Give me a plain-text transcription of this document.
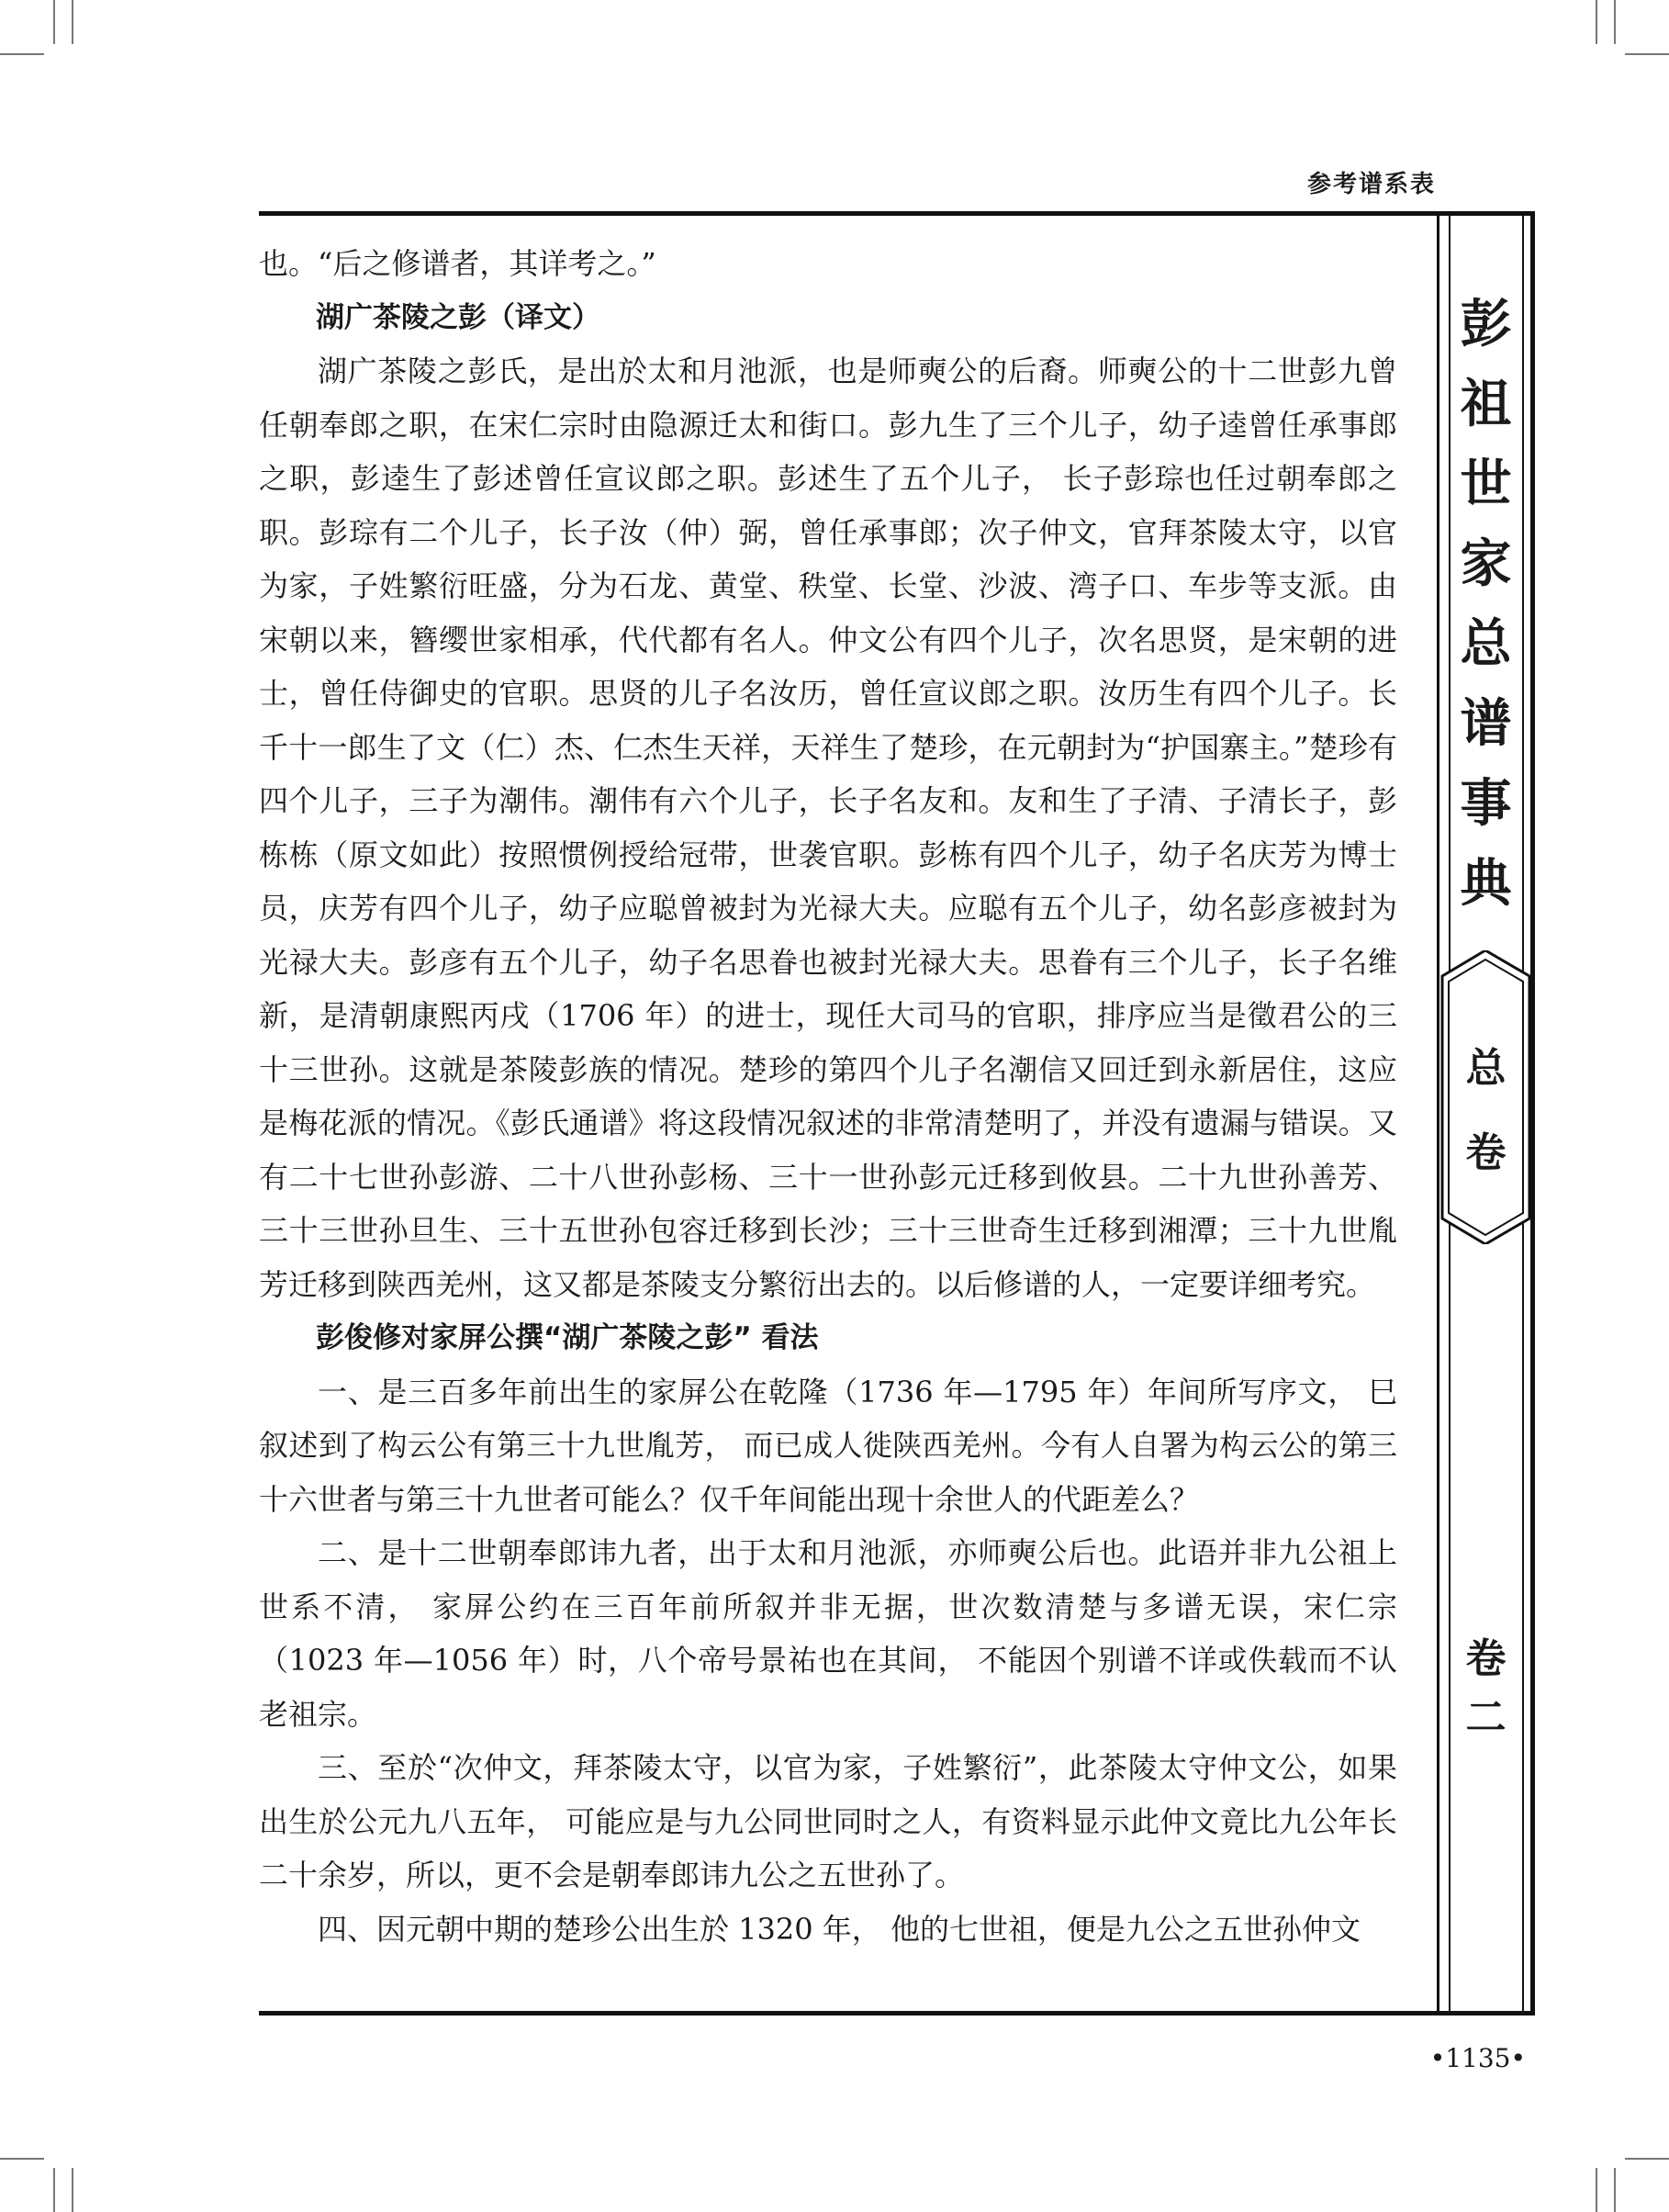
参考谱系表
彭
祖
世
家
总
谱
事
典
总
卷
卷
二

也。“后之修谱者，其详考之。”

湖广茶陵之彭（译文）

湖广茶陵之彭氏，是出於太和月池派，也是师奭公的后裔。师奭公的十二世彭九曾任朝奉郎之职，在宋仁宗时由隐源迁太和街口。彭九生了三个儿子，幼子逵曾任承事郎之职，彭逵生了彭述曾任宣议郎之职。彭述生了五个儿子， 长子彭琮也任过朝奉郎之职。彭琮有二个儿子，长子汝（仲）弼，曾任承事郎；次子仲文，官拜茶陵太守，以官为家，子姓繁衍旺盛，分为石龙、黄堂、秩堂、长堂、沙波、湾子口、车步等支派。由宋朝以来，簪缨世家相承，代代都有名人。仲文公有四个儿子，次名思贤，是宋朝的进士，曾任侍御史的官职。思贤的儿子名汝历，曾任宣议郎之职。汝历生有四个儿子。长千十一郎生了文（仁）杰、仁杰生天祥，天祥生了楚珍，在元朝封为“护国寨主。”楚珍有四个儿子，三子为潮伟。潮伟有六个儿子，长子名友和。友和生了子清、子清长子，彭栋栋（原文如此）按照惯例授给冠带，世袭官职。彭栋有四个儿子，幼子名庆芳为博士员，庆芳有四个儿子，幼子应聪曾被封为光禄大夫。应聪有五个儿子，幼名彭彦被封为光禄大夫。彭彦有五个儿子，幼子名思眷也被封光禄大夫。思眷有三个儿子，长子名维新，是清朝康熙丙戌（1706 年）的进士，现任大司马的官职，排序应当是徵君公的三十三世孙。这就是茶陵彭族的情况。楚珍的第四个儿子名潮信又回迁到永新居住，这应是梅花派的情况。《彭氏通谱》将这段情况叙述的非常清楚明了，并没有遗漏与错误。又有二十七世孙彭游、二十八世孙彭杨、三十一世孙彭元迁移到攸县。二十九世孙善芳、三十三世孙旦生、三十五世孙包容迁移到长沙；三十三世奇生迁移到湘潭；三十九世胤芳迁移到陕西羌州，这又都是茶陵支分繁衍出去的。以后修谱的人，一定要详细考究。

彭俊修对家屏公撰“湖广茶陵之彭” 看法

一、是三百多年前出生的家屏公在乾隆（1736 年—1795 年）年间所写序文， 巳叙述到了构云公有第三十九世胤芳， 而已成人徙陕西羌州。今有人自署为构云公的第三十六世者与第三十九世者可能么？仅千年间能出现十余世人的代距差么？

二、是十二世朝奉郎讳九者，出于太和月池派，亦师奭公后也。此语并非九公祖上世系不清， 家屏公约在三百年前所叙并非无据，世次数清楚与多谱无误，宋仁宗（1023 年—1056 年）时，八个帝号景祐也在其间， 不能因个别谱不详或佚载而不认老祖宗。

三、至於“次仲文，拜茶陵太守，以官为家，子姓繁衍”，此茶陵太守仲文公，如果出生於公元九八五年， 可能应是与九公同世同时之人，有资料显示此仲文竟比九公年长二十余岁，所以，更不会是朝奉郎讳九公之五世孙了。

四、因元朝中期的楚珍公出生於 1320 年， 他的七世祖，便是九公之五世孙仲文

•1135•
